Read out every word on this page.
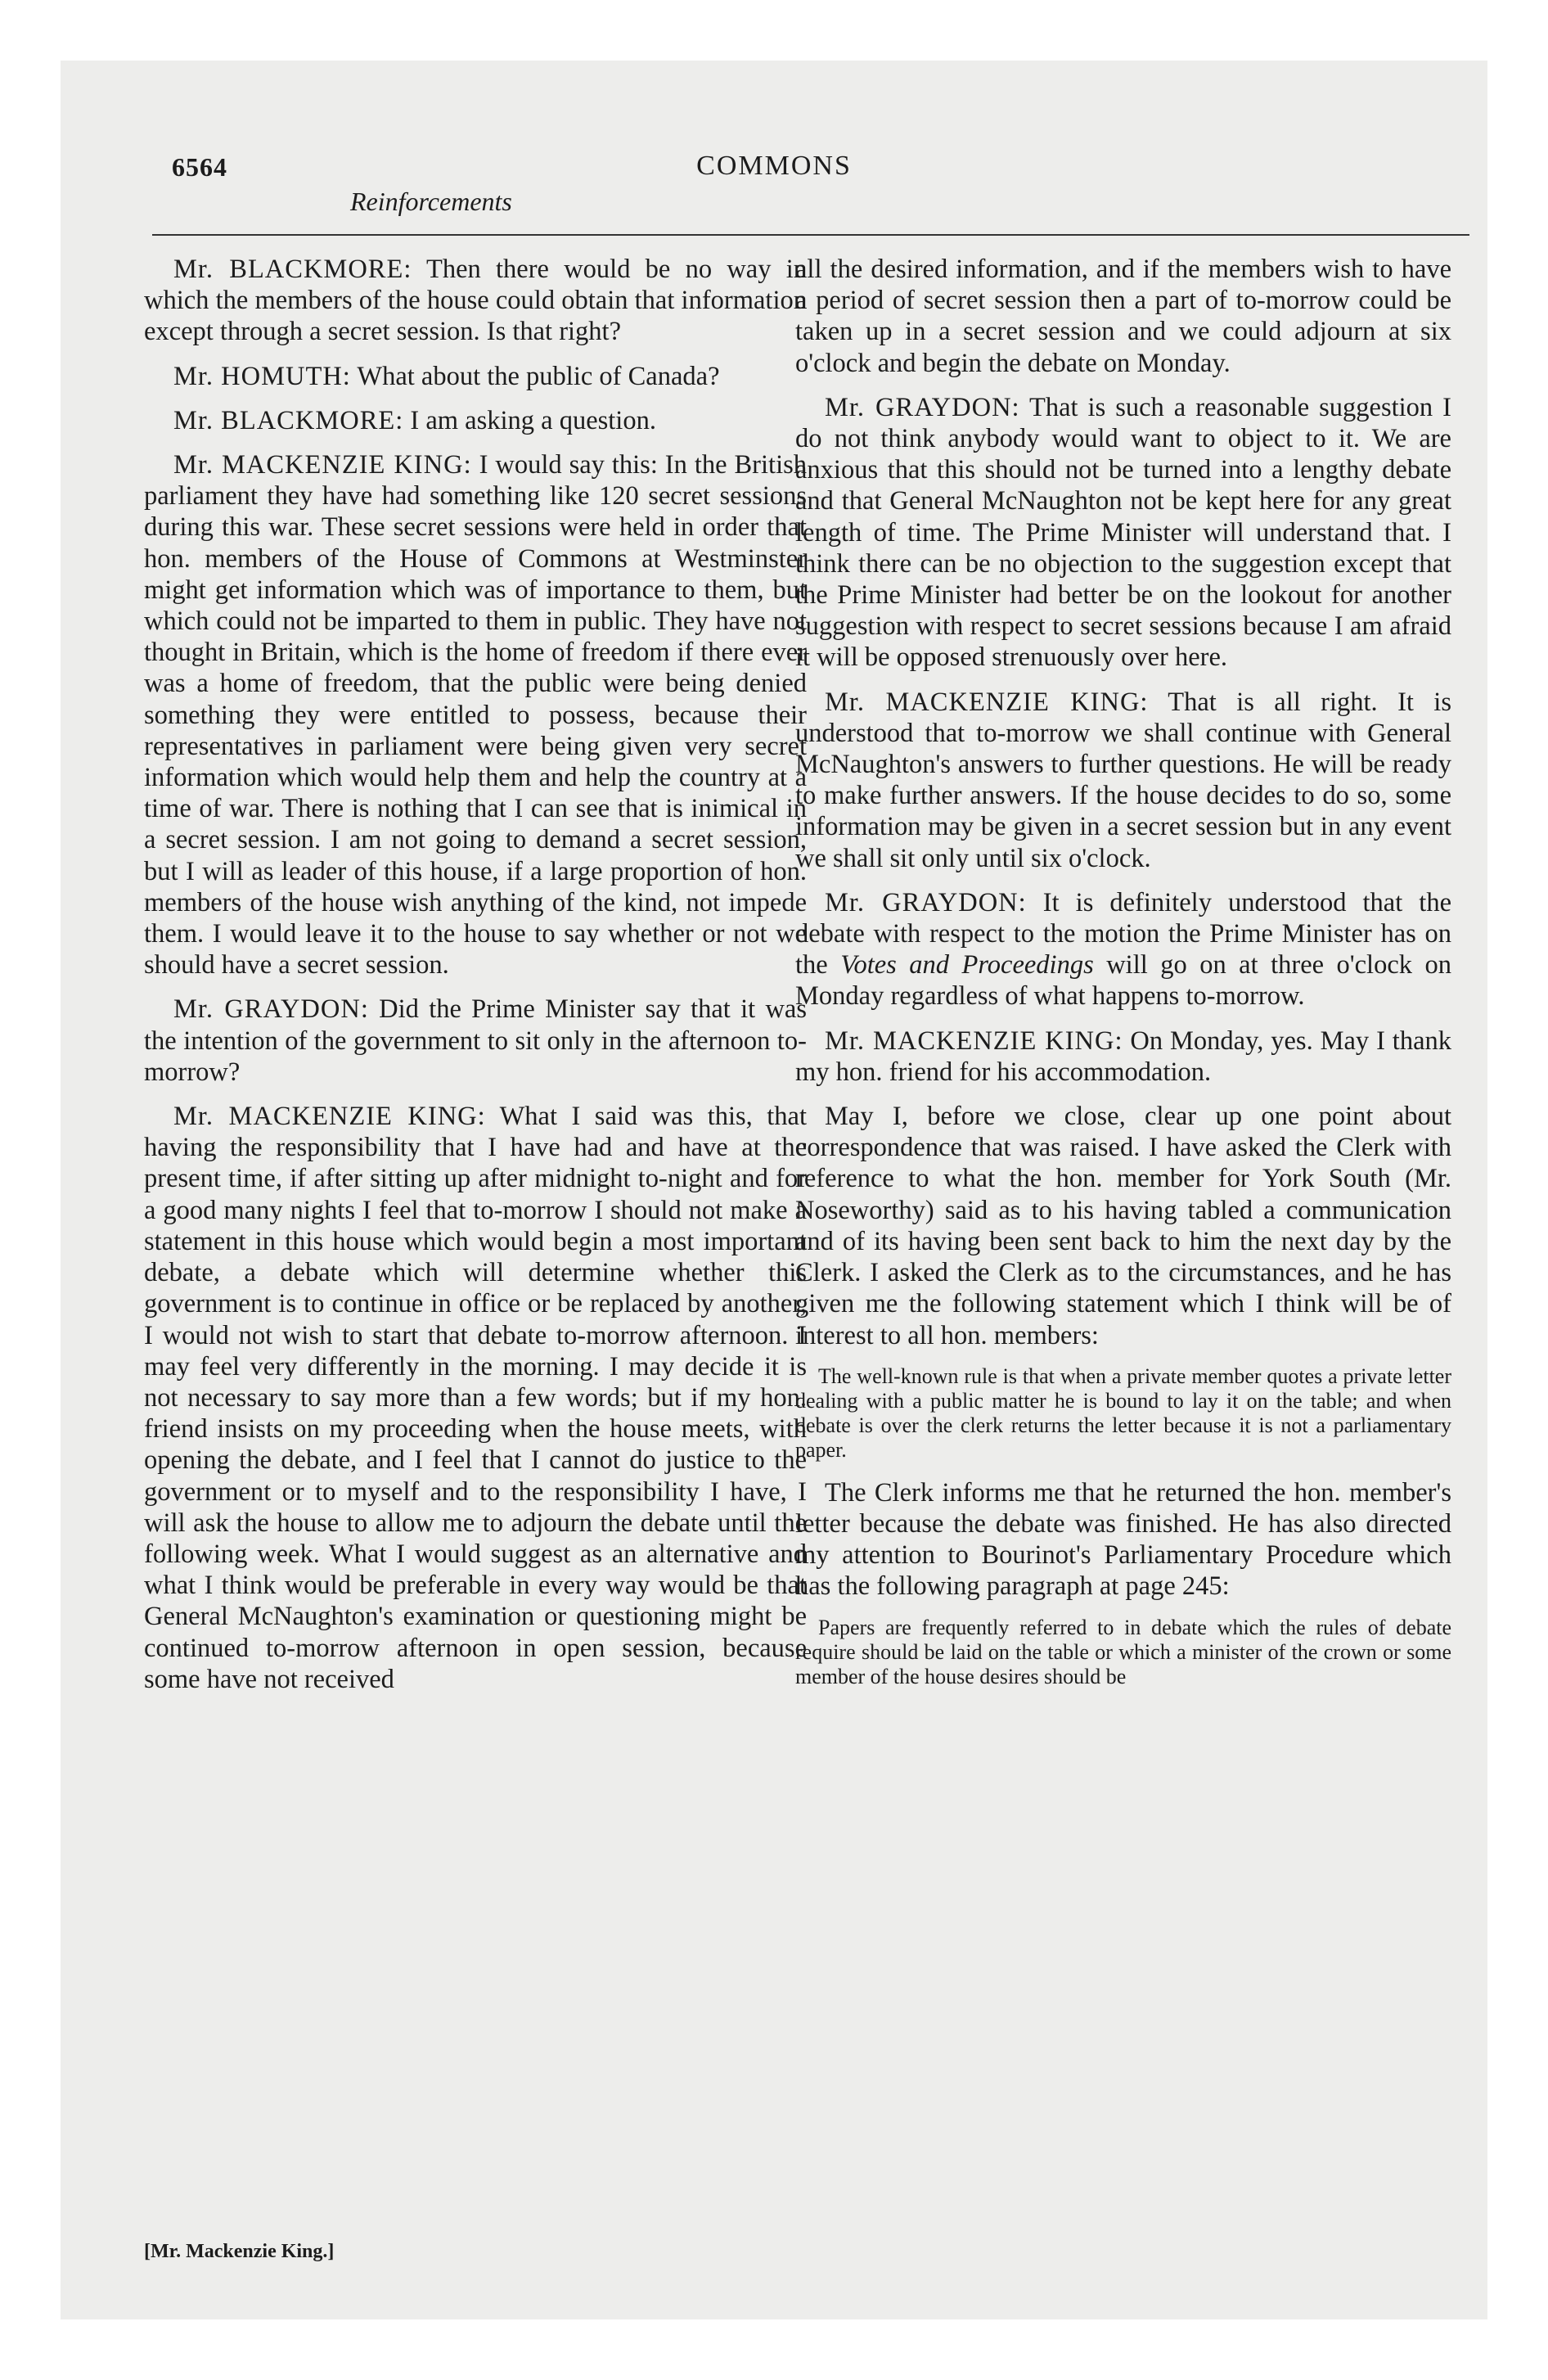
6564	COMMONS
Reinforcements

Mr. BLACKMORE: Then there would be no way in which the members of the house could obtain that information except through a secret session. Is that right?

Mr. HOMUTH: What about the public of Canada?

Mr. BLACKMORE: I am asking a question.

Mr. MACKENZIE KING: I would say this: In the British parliament they have had something like 120 secret sessions during this war. These secret sessions were held in order that hon. members of the House of Commons at Westminster might get information which was of importance to them, but which could not be imparted to them in public. They have not thought in Britain, which is the home of freedom if there ever was a home of freedom, that the public were being denied something they were entitled to possess, because their representatives in parliament were being given very secret information which would help them and help the country at a time of war. There is nothing that I can see that is inimical in a secret session. I am not going to demand a secret session, but I will as leader of this house, if a large proportion of hon. members of the house wish anything of the kind, not impede them. I would leave it to the house to say whether or not we should have a secret session.

Mr. GRAYDON: Did the Prime Minister say that it was the intention of the government to sit only in the afternoon to-morrow?

Mr. MACKENZIE KING: What I said was this, that having the responsibility that I have had and have at the present time, if after sitting up after midnight to-night and for a good many nights I feel that to-morrow I should not make a statement in this house which would begin a most important debate, a debate which will determine whether this government is to continue in office or be replaced by another, I would not wish to start that debate to-morrow afternoon. I may feel very differently in the morning. I may decide it is not necessary to say more than a few words; but if my hon. friend insists on my proceeding when the house meets, with opening the debate, and I feel that I cannot do justice to the government or to myself and to the responsibility I have, I will ask the house to allow me to adjourn the debate until the following week. What I would suggest as an alternative and what I think would be preferable in every way would be that General McNaughton's examination or questioning might be continued to-morrow afternoon in open session, because some have not received

all the desired information, and if the members wish to have a period of secret session then a part of to-morrow could be taken up in a secret session and we could adjourn at six o'clock and begin the debate on Monday.

Mr. GRAYDON: That is such a reasonable suggestion I do not think anybody would want to object to it. We are anxious that this should not be turned into a lengthy debate and that General McNaughton not be kept here for any great length of time. The Prime Minister will understand that. I think there can be no objection to the suggestion except that the Prime Minister had better be on the lookout for another suggestion with respect to secret sessions because I am afraid it will be opposed strenuously over here.

Mr. MACKENZIE KING: That is all right. It is understood that to-morrow we shall continue with General McNaughton's answers to further questions. He will be ready to make further answers. If the house decides to do so, some information may be given in a secret session but in any event we shall sit only until six o'clock.

Mr. GRAYDON: It is definitely understood that the debate with respect to the motion the Prime Minister has on the Votes and Proceedings will go on at three o'clock on Monday regardless of what happens to-morrow.

Mr. MACKENZIE KING: On Monday, yes. May I thank my hon. friend for his accommodation.

May I, before we close, clear up one point about correspondence that was raised. I have asked the Clerk with reference to what the hon. member for York South (Mr. Noseworthy) said as to his having tabled a communication and of its having been sent back to him the next day by the Clerk. I asked the Clerk as to the circumstances, and he has given me the following statement which I think will be of interest to all hon. members:

The well-known rule is that when a private member quotes a private letter dealing with a public matter he is bound to lay it on the table; and when debate is over the clerk returns the letter because it is not a parliamentary paper.

The Clerk informs me that he returned the hon. member's letter because the debate was finished. He has also directed my attention to Bourinot's Parliamentary Procedure which has the following paragraph at page 245:

Papers are frequently referred to in debate which the rules of debate require should be laid on the table or which a minister of the crown or some member of the house desires should be

[Mr. Mackenzie King.]
